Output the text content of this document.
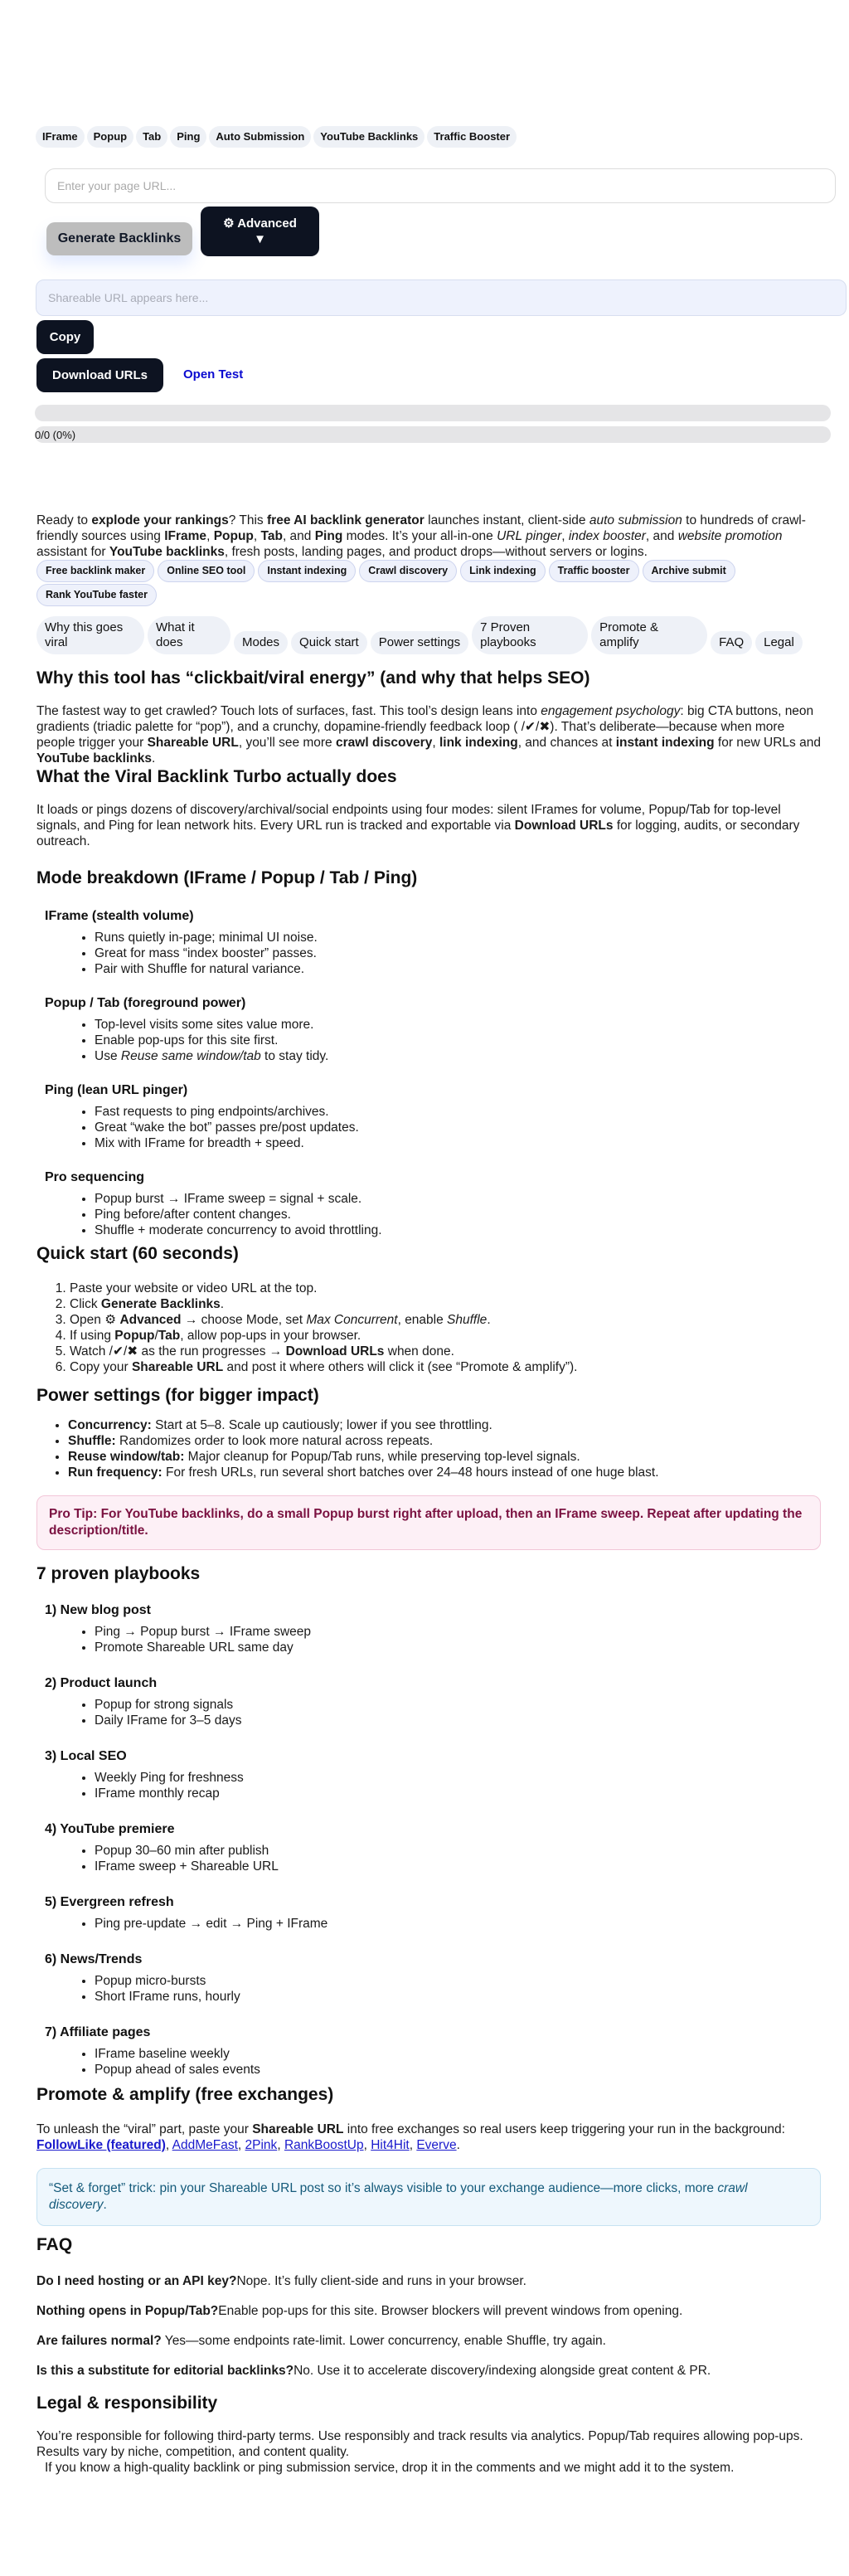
IFrame	Popup	Tab	Ping	Auto Submission	YouTube Backlinks	Traffic Booster
Enter your page URL...
Generate Backlinks
⚙ Advanced
▼
Shareable URL appears here...
Copy
Download URLs	Open Test
0/0 (0%)

Ready to explode your rankings? This free AI backlink generator launches instant, client-side auto submission to hundreds of crawl-friendly sources using IFrame, Popup, Tab, and Ping modes. It’s your all-in-one URL pinger, index booster, and website promotion assistant for YouTube backlinks, fresh posts, landing pages, and product drops—without servers or logins.

Free backlink maker	Online SEO tool	Instant indexing	Crawl discovery	Link indexing	Traffic booster	Archive submit
Rank YouTube faster
Why this goes viral
What it does	Modes	Quick start	Power settings
7 Proven playbooks
Promote & amplify	FAQ	Legal
Why this tool has “clickbait/viral energy” (and why that helps SEO)

The fastest way to get crawled? Touch lots of surfaces, fast. This tool’s design leans into engagement psychology: big CTA buttons, neon gradients (triadic palette for “pop”), and a crunchy, dopamine-friendly feedback loop ( /✔/✖). That’s deliberate—because when more people trigger your Shareable URL, you’ll see more crawl discovery, link indexing, and chances at instant indexing for new URLs and YouTube backlinks.

What the Viral Backlink Turbo actually does

It loads or pings dozens of discovery/archival/social endpoints using four modes: silent IFrames for volume, Popup/Tab for top-level signals, and Ping for lean network hits. Every URL run is tracked and exportable via Download URLs for logging, audits, or secondary outreach.

Mode breakdown (IFrame / Popup / Tab / Ping)
IFrame (stealth volume)
• Runs quietly in-page; minimal UI noise.
• Great for mass “index booster” passes.
• Pair with Shuffle for natural variance.
Popup / Tab (foreground power)
• Top-level visits some sites value more.
• Enable pop-ups for this site first.
• Use Reuse same window/tab to stay tidy.
Ping (lean URL pinger)
• Fast requests to ping endpoints/archives.
• Great “wake the bot” passes pre/post updates.
• Mix with IFrame for breadth + speed.
Pro sequencing
• Popup burst → IFrame sweep = signal + scale.
• Ping before/after content changes.
• Shuffle + moderate concurrency to avoid throttling.
Quick start (60 seconds)
1. Paste your website or video URL at the top.
2. Click Generate Backlinks.
3. Open ⚙ Advanced → choose Mode, set Max Concurrent, enable Shuffle.
4. If using Popup/Tab, allow pop-ups in your browser.
5. Watch /✔/✖ as the run progresses → Download URLs when done.
6. Copy your Shareable URL and post it where others will click it (see “Promote & amplify”).
Power settings (for bigger impact)
• Concurrency: Start at 5–8. Scale up cautiously; lower if you see throttling.
• Shuffle: Randomizes order to look more natural across repeats.
• Reuse window/tab: Major cleanup for Popup/Tab runs, while preserving top-level signals.
• Run frequency: For fresh URLs, run several short batches over 24–48 hours instead of one huge blast.
Pro Tip: For YouTube backlinks, do a small Popup burst right after upload, then an IFrame sweep. Repeat after updating the description/title.
7 proven playbooks
1) New blog post
• Ping → Popup burst → IFrame sweep
• Promote Shareable URL same day
2) Product launch
• Popup for strong signals
• Daily IFrame for 3–5 days
3) Local SEO
• Weekly Ping for freshness
• IFrame monthly recap
4) YouTube premiere
• Popup 30–60 min after publish
• IFrame sweep + Shareable URL
5) Evergreen refresh
• Ping pre-update → edit → Ping + IFrame
6) News/Trends
• Popup micro-bursts
• Short IFrame runs, hourly
7) Affiliate pages
• IFrame baseline weekly
• Popup ahead of sales events
Promote & amplify (free exchanges)

To unleash the “viral” part, paste your Shareable URL into free exchanges so real users keep triggering your run in the background: FollowLike (featured), AddMeFast, 2Pink, RankBoostUp, Hit4Hit, Everve.

“Set & forget” trick: pin your Shareable URL post so it’s always visible to your exchange audience—more clicks, more crawl discovery.
FAQ

Do I need hosting or an API key?Nope. It’s fully client-side and runs in your browser.

Nothing opens in Popup/Tab?Enable pop-ups for this site. Browser blockers will prevent windows from opening.

Are failures normal? Yes—some endpoints rate-limit. Lower concurrency, enable Shuffle, try again.

Is this a substitute for editorial backlinks?No. Use it to accelerate discovery/indexing alongside great content & PR.

Legal & responsibility

You’re responsible for following third-party terms. Use responsibly and track results via analytics. Popup/Tab requires allowing pop-ups. Results vary by niche, competition, and content quality.

If you know a high-quality backlink or ping submission service, drop it in the comments and we might add it to the system.
